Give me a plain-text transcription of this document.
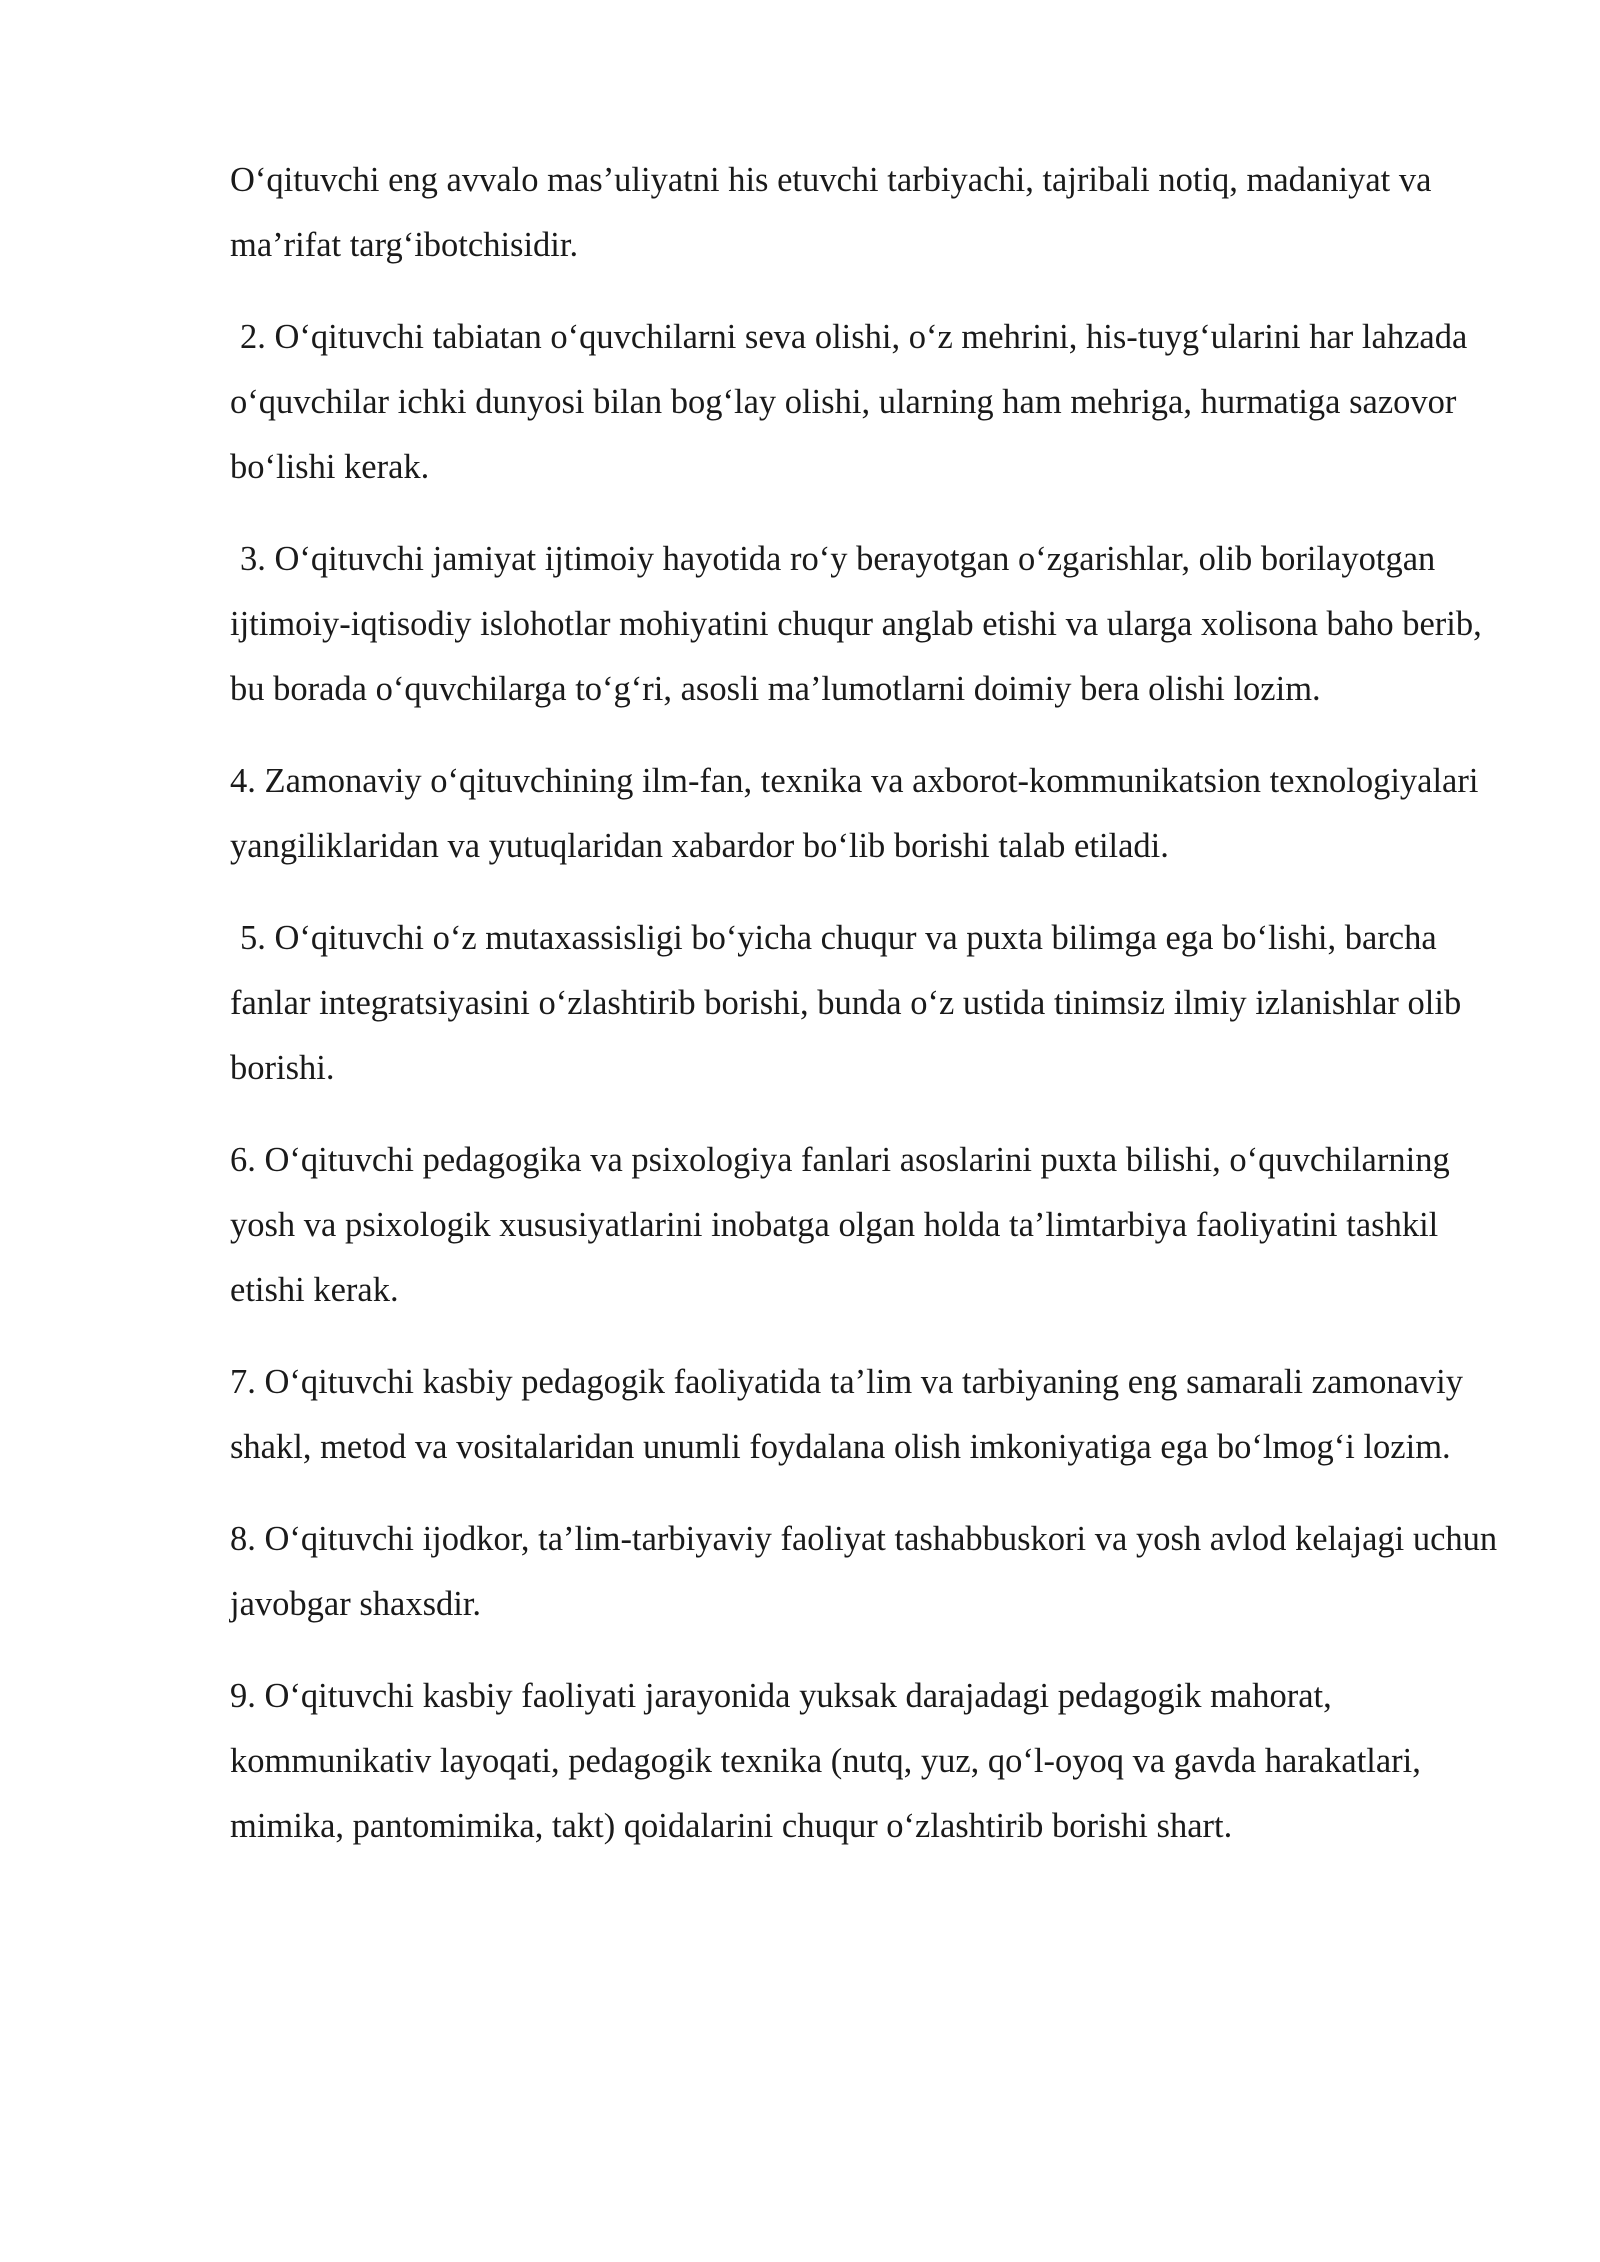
O‘qituvchi eng avvalo mas’uliyatni his etuvchi tarbiyachi, tajribali notiq, madaniyat va ma’rifat targ‘ibotchisidir.

2. O‘qituvchi tabiatan o‘quvchilarni seva olishi, o‘z mehrini, his-tuyg‘ularini har lahzada o‘quvchilar ichki dunyosi bilan bog‘lay olishi, ularning ham mehriga, hurmatiga sazovor bo‘lishi kerak.

3. O‘qituvchi jamiyat ijtimoiy hayotida ro‘y berayotgan o‘zgarishlar, olib borilayotgan ijtimoiy-iqtisodiy islohotlar mohiyatini chuqur anglab etishi va ularga xolisona baho berib, bu borada o‘quvchilarga to‘g‘ri, asosli ma’lumotlarni doimiy bera olishi lozim.

4. Zamonaviy o‘qituvchining ilm-fan, texnika va axborot-kommunikatsion texnologiyalari yangiliklaridan va yutuqlaridan xabardor bo‘lib borishi talab etiladi.

5. O‘qituvchi o‘z mutaxassisligi bo‘yicha chuqur va puxta bilimga ega bo‘lishi, barcha fanlar integratsiyasini o‘zlashtirib borishi, bunda o‘z ustida tinimsiz ilmiy izlanishlar olib borishi.

6. O‘qituvchi pedagogika va psixologiya fanlari asoslarini puxta bilishi, o‘quvchilarning yosh va psixologik xususiyatlarini inobatga olgan holda ta’limtarbiya faoliyatini tashkil etishi kerak.

7. O‘qituvchi kasbiy pedagogik faoliyatida ta’lim va tarbiyaning eng samarali zamonaviy shakl, metod va vositalaridan unumli foydalana olish imkoniyatiga ega bo‘lmog‘i lozim.

8. O‘qituvchi ijodkor, ta’lim-tarbiyaviy faoliyat tashabbuskori va yosh avlod kelajagi uchun javobgar shaxsdir.

9. O‘qituvchi kasbiy faoliyati jarayonida yuksak darajadagi pedagogik mahorat, kommunikativ layoqati, pedagogik texnika (nutq, yuz, qo‘l-oyoq va gavda harakatlari, mimika, pantomimika, takt) qoidalarini chuqur o‘zlashtirib borishi shart.
